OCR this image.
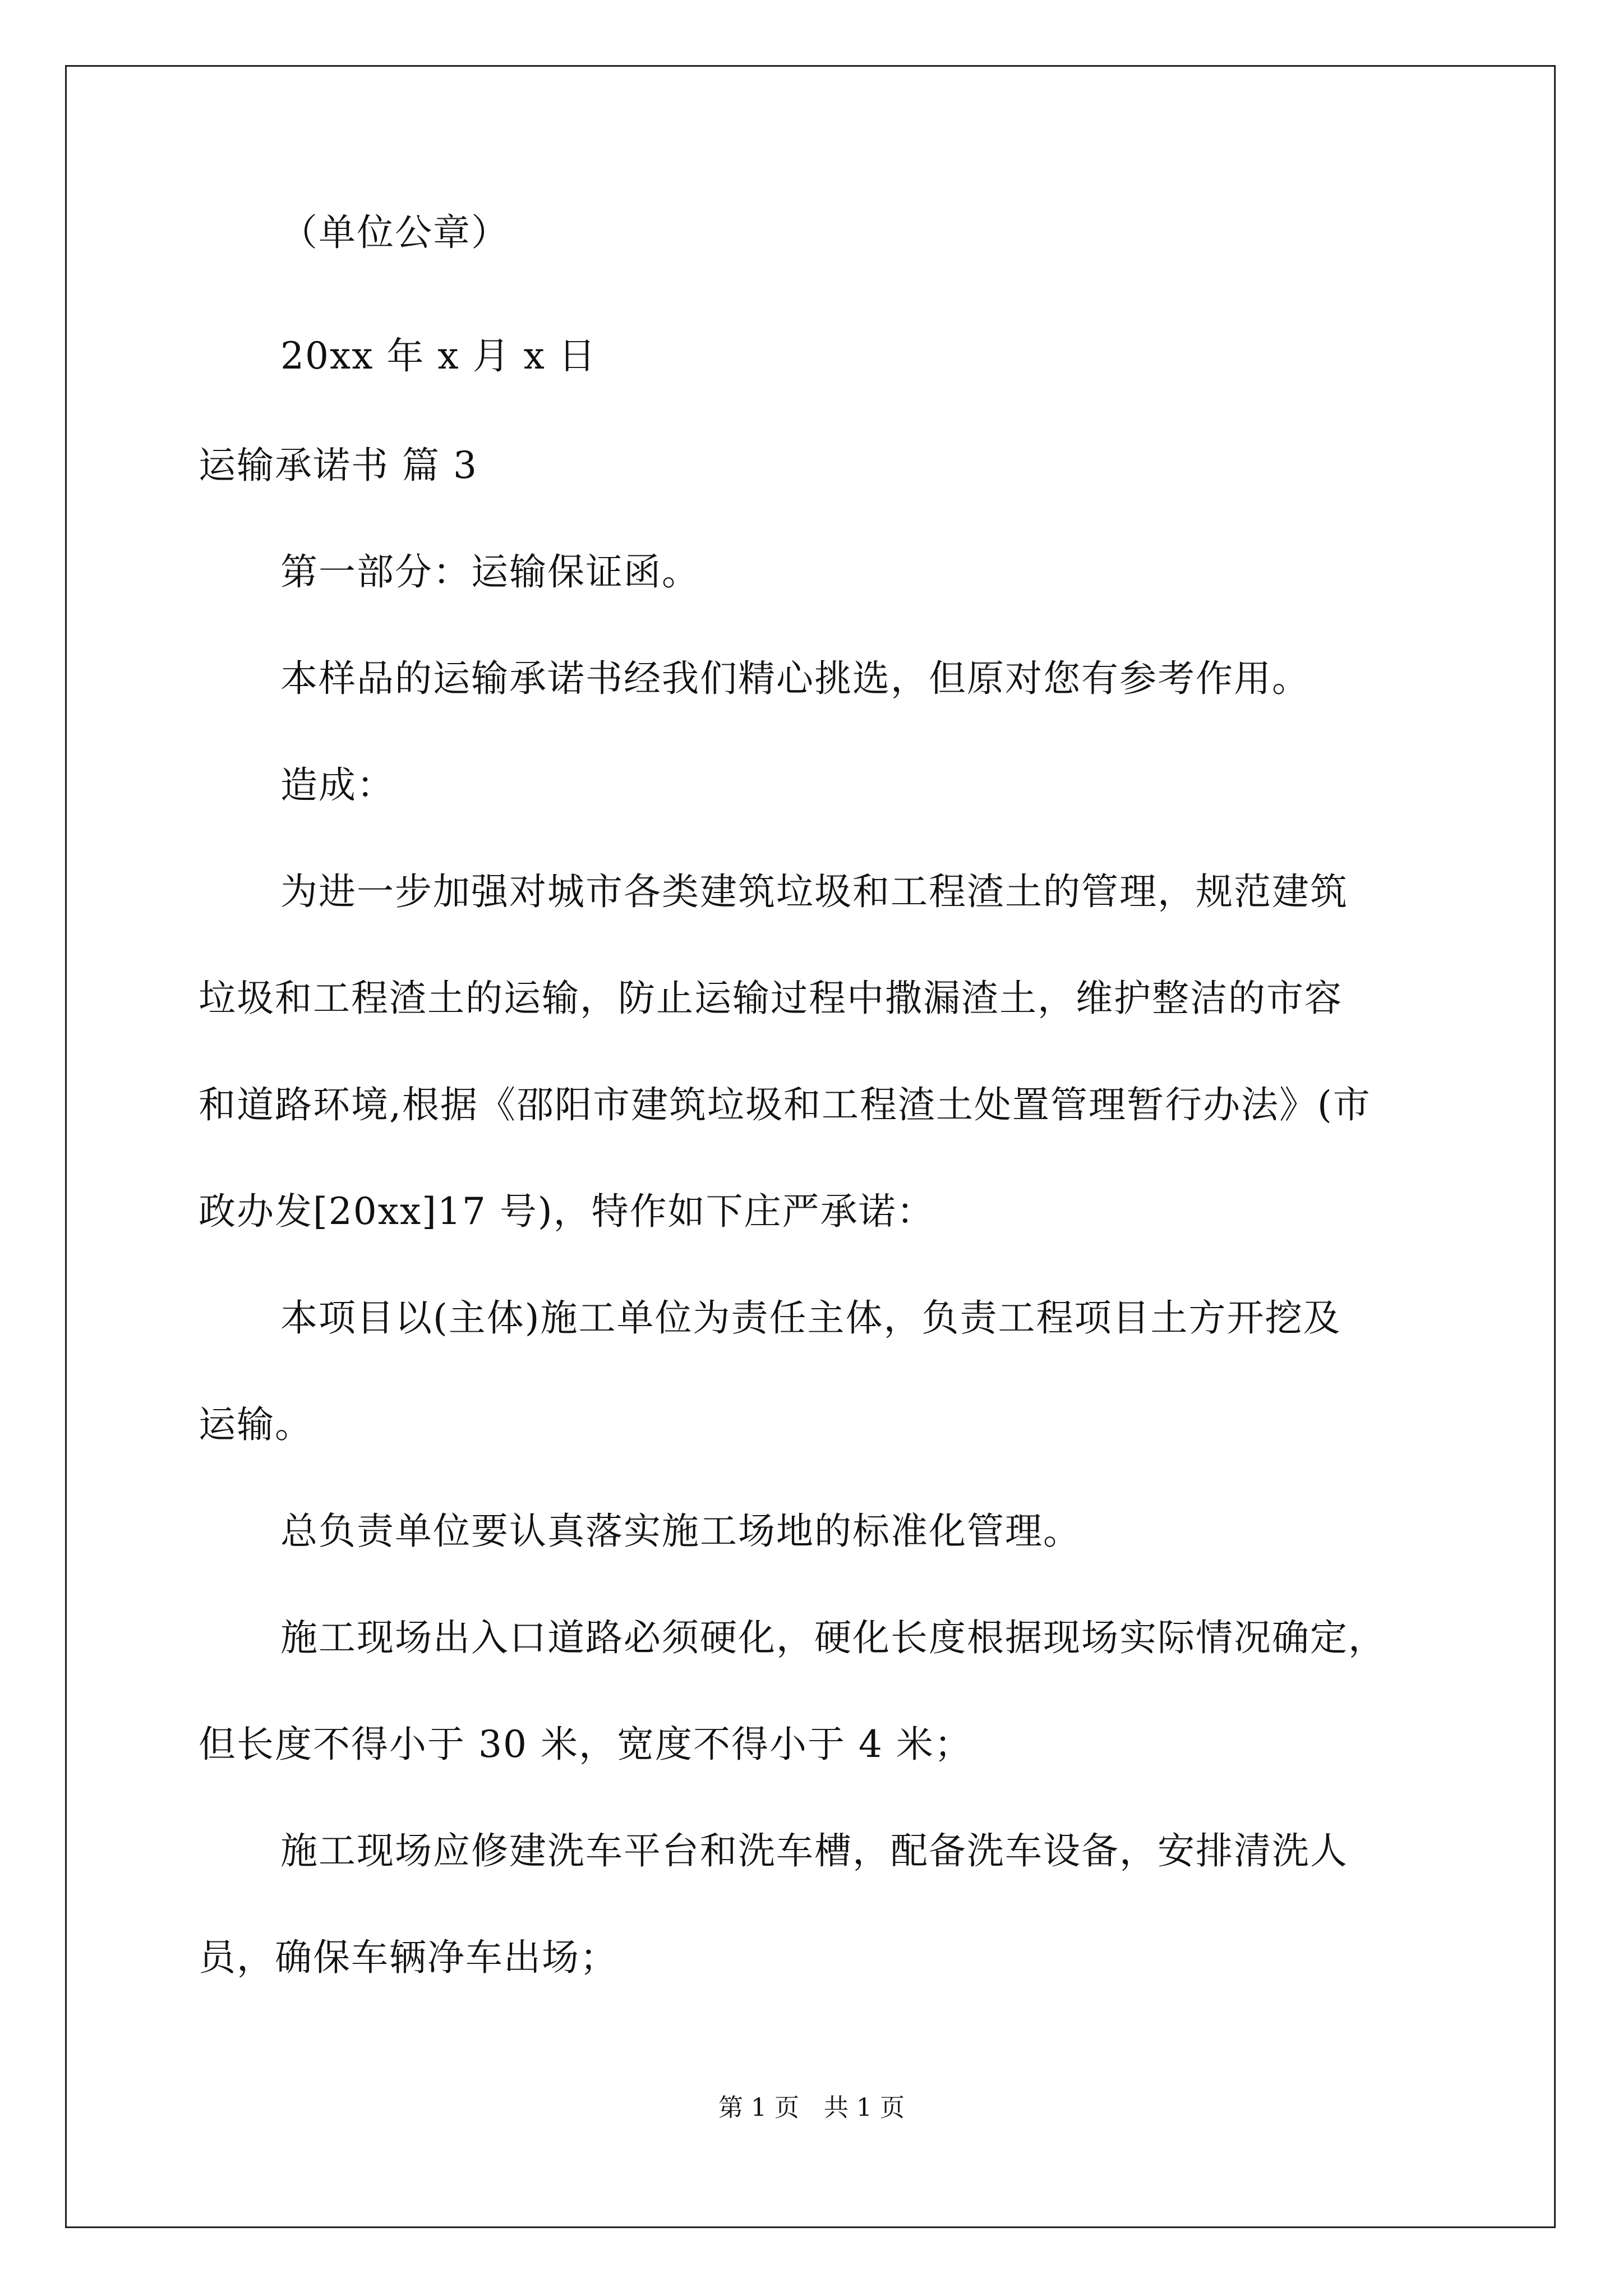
（单位公章）
20xx 年 x 月 x 日
运输承诺书 篇 3
第一部分：运输保证函。
本样品的运输承诺书经我们精心挑选，但原对您有参考作用。
造成：
为进一步加强对城市各类建筑垃圾和工程渣土的管理，规范建筑
垃圾和工程渣土的运输，防止运输过程中撒漏渣土，维护整洁的市容
和道路环境,根据《邵阳市建筑垃圾和工程渣土处置管理暂行办法》(市
政办发[20xx]17 号)，特作如下庄严承诺：
本项目以(主体)施工单位为责任主体，负责工程项目土方开挖及
运输。
总负责单位要认真落实施工场地的标准化管理。
施工现场出入口道路必须硬化，硬化长度根据现场实际情况确定，
但长度不得小于 30 米，宽度不得小于 4 米；
施工现场应修建洗车平台和洗车槽，配备洗车设备，安排清洗人
员，确保车辆净车出场；
第 1 页　共 1 页
